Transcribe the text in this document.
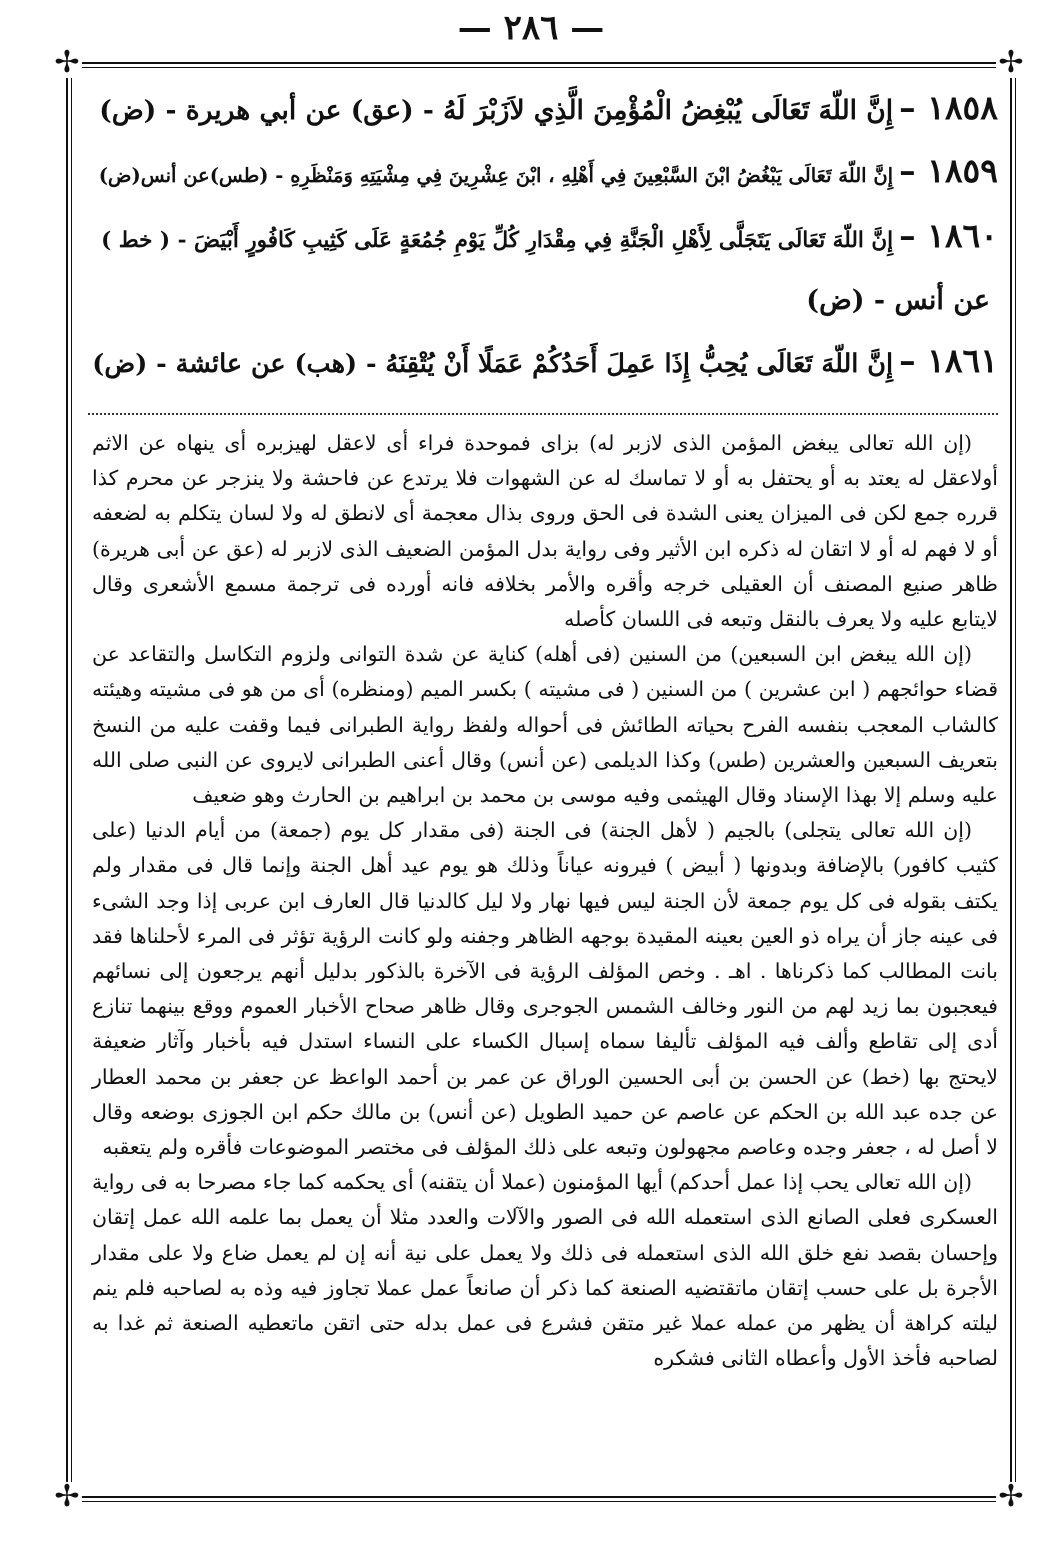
— ٢٨٦ —
✢	✢
✢	✢
١٨٥٨ –إِنَّ اللّهَ تَعَالَى يُبْغِضُ الْمُؤْمِنَ الَّذِي لاَزَبْرَ لَهُ - (عق) عن أبي هريرة - (ض)
١٨٥٩ –إِنَّ اللّهَ تَعَالَى يَبْغُضُ ابْنَ السَّبْعِينَ فِي أَهْلِهِ ، ابْنَ عِشْرِينَ فِي مِشْيَتِهِ وَمَنْظَرِهِ - (طس)عن أنس(ض)
١٨٦٠ –إِنَّ اللّهَ تَعَالَى يَتَجَلَّى لِأَهْلِ الْجَنَّةِ فِي مِقْدَارِ كُلِّ يَوْمِ جُمُعَةٍ عَلَى كَثِيبِ كَافُورٍ أَبْيَضَ - ( خط )
عن أنس - (ض)
١٨٦١ –إِنَّ اللّهَ تَعَالَى يُحِبُّ إِذَا عَمِلَ أَحَدُكُمْ عَمَلًا أَنْ يُتْقِنَهُ - (هب) عن عائشة - (ض)

(إن الله تعالى يبغض المؤمن الذى لازبر له) بزاى فموحدة فراء أى لاعقل لهيزبره أى ينهاه عن الاثم أولاعقل له يعتد به أو يحتفل به أو لا تماسك له عن الشهوات فلا يرتدع عن فاحشة ولا ينزجر عن محرم كذا قرره جمع لكن فى الميزان يعنى الشدة فى الحق وروى بذال معجمة أى لانطق له ولا لسان يتكلم به لضعفه أو لا فهم له أو لا اتقان له ذكره ابن الأثير وفى رواية بدل المؤمن الضعيف الذى لازبر له (عق عن أبى هريرة) ظاهر صنيع المصنف أن العقيلى خرجه وأقره والأمر بخلافه فانه أورده فى ترجمة مسمع الأشعرى وقال لايتابع عليه ولا يعرف بالنقل وتبعه فى اللسان كأصله

(إن الله يبغض ابن السبعين) من السنين (فى أهله) كناية عن شدة التوانى ولزوم التكاسل والتقاعد عن قضاء حوائجهم ( ابن عشرين ) من السنين ( فى مشيته ) بكسر الميم (ومنظره) أى من هو فى مشيته وهيئته كالشاب المعجب بنفسه الفرح بحياته الطائش فى أحواله ولفظ رواية الطبرانى فيما وقفت عليه من النسخ بتعريف السبعين والعشرين (طس) وكذا الديلمى (عن أنس) وقال أعنى الطبرانى لايروى عن النبى صلى الله عليه وسلم إلا بهذا الإسناد وقال الهيثمى وفيه موسى بن محمد بن ابراهيم بن الحارث وهو ضعيف

(إن الله تعالى يتجلى) بالجيم ( لأهل الجنة) فى الجنة (فى مقدار كل يوم (جمعة) من أيام الدنيا (على كثيب كافور) بالإضافة وبدونها ( أبيض ) فيرونه عياناً وذلك هو يوم عيد أهل الجنة وإنما قال فى مقدار ولم يكتف بقوله فى كل يوم جمعة لأن الجنة ليس فيها نهار ولا ليل كالدنيا قال العارف ابن عربى إذا وجد الشىء فى عينه جاز أن يراه ذو العين بعينه المقيدة بوجهه الظاهر وجفنه ولو كانت الرؤية تؤثر فى المرء لأحلناها فقد بانت المطالب كما ذكرناها . اهـ . وخص المؤلف الرؤية فى الآخرة بالذكور بدليل أنهم يرجعون إلى نسائهم فيعجبون بما زيد لهم من النور وخالف الشمس الجوجرى وقال ظاهر صحاح الأخبار العموم ووقع بينهما تنازع أدى إلى تقاطع وألف فيه المؤلف تأليفا سماه إسبال الكساء على النساء استدل فيه بأخبار وآثار ضعيفة لايحتج بها (خط) عن الحسن بن أبى الحسين الوراق عن عمر بن أحمد الواعظ عن جعفر بن محمد العطار عن جده عبد الله بن الحكم عن عاصم عن حميد الطويل (عن أنس) بن مالك حكم ابن الجوزى بوضعه وقال لا أصل له ، جعفر وجده وعاصم مجهولون وتبعه على ذلك المؤلف فى مختصر الموضوعات فأقره ولم يتعقبه

(إن الله تعالى يحب إذا عمل أحدكم) أيها المؤمنون (عملا أن يتقنه) أى يحكمه كما جاء مصرحا به فى رواية العسكرى فعلى الصانع الذى استعمله الله فى الصور والآلات والعدد مثلا أن يعمل بما علمه الله عمل إتقان وإحسان بقصد نفع خلق الله الذى استعمله فى ذلك ولا يعمل على نية أنه إن لم يعمل ضاع ولا على مقدار الأجرة بل على حسب إتقان ماتقتضيه الصنعة كما ذكر أن صانعاً عمل عملا تجاوز فيه وذه به لصاحبه فلم ينم ليلته كراهة أن يظهر من عمله عملا غير متقن فشرع فى عمل بدله حتى اتقن ماتعطيه الصنعة ثم غدا به لصاحبه فأخذ الأول وأعطاه الثانى فشكره
